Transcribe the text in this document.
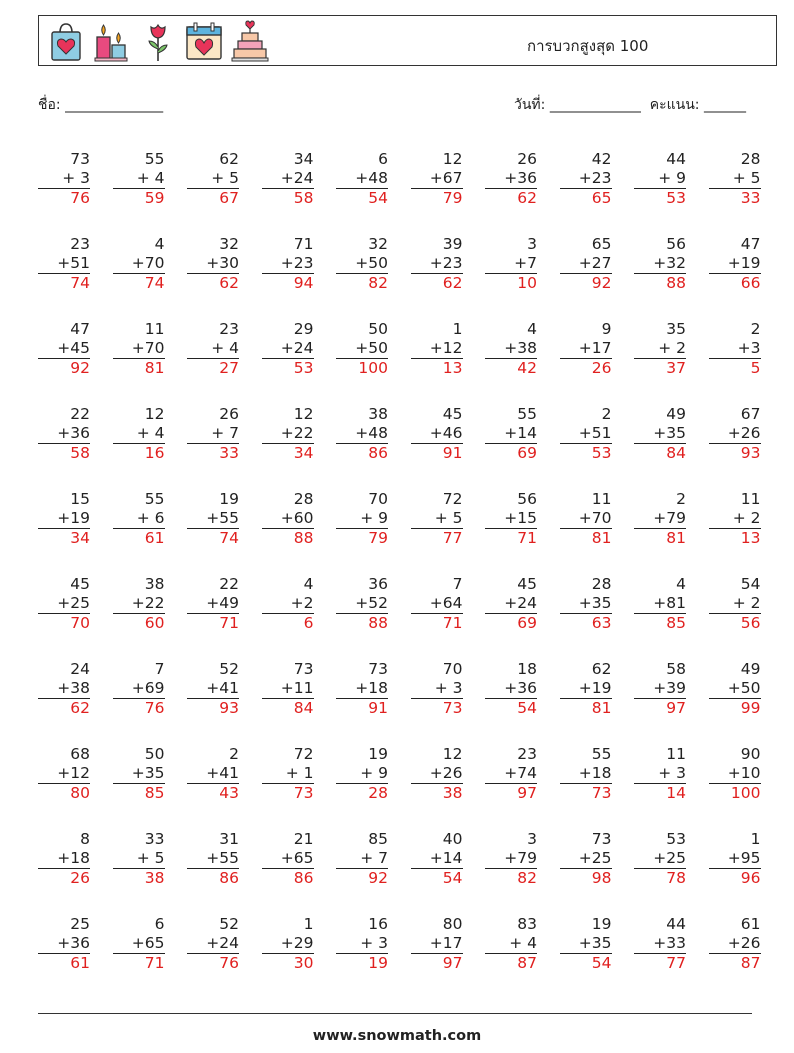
การบวกสูงสุด 100
ชื่อ: ______________	วันที่: _____________  คะแนน: ______
73
+ 3
76
55
+ 4
59
62
+ 5
67
34
+24
58
6
+48
54
12
+67
79
26
+36
62
42
+23
65
44
+ 9
53
28
+ 5
33
23
+51
74
4
+70
74
32
+30
62
71
+23
94
32
+50
82
39
+23
62
3
+7
10
65
+27
92
56
+32
88
47
+19
66
47
+45
92
11
+70
81
23
+ 4
27
29
+24
53
50
+50
100
1
+12
13
4
+38
42
9
+17
26
35
+ 2
37
2
+3
5
22
+36
58
12
+ 4
16
26
+ 7
33
12
+22
34
38
+48
86
45
+46
91
55
+14
69
2
+51
53
49
+35
84
67
+26
93
15
+19
34
55
+ 6
61
19
+55
74
28
+60
88
70
+ 9
79
72
+ 5
77
56
+15
71
11
+70
81
2
+79
81
11
+ 2
13
45
+25
70
38
+22
60
22
+49
71
4
+2
6
36
+52
88
7
+64
71
45
+24
69
28
+35
63
4
+81
85
54
+ 2
56
24
+38
62
7
+69
76
52
+41
93
73
+11
84
73
+18
91
70
+ 3
73
18
+36
54
62
+19
81
58
+39
97
49
+50
99
68
+12
80
50
+35
85
2
+41
43
72
+ 1
73
19
+ 9
28
12
+26
38
23
+74
97
55
+18
73
11
+ 3
14
90
+10
100
8
+18
26
33
+ 5
38
31
+55
86
21
+65
86
85
+ 7
92
40
+14
54
3
+79
82
73
+25
98
53
+25
78
1
+95
96
25
+36
61
6
+65
71
52
+24
76
1
+29
30
16
+ 3
19
80
+17
97
83
+ 4
87
19
+35
54
44
+33
77
61
+26
87
www.snowmath.com
